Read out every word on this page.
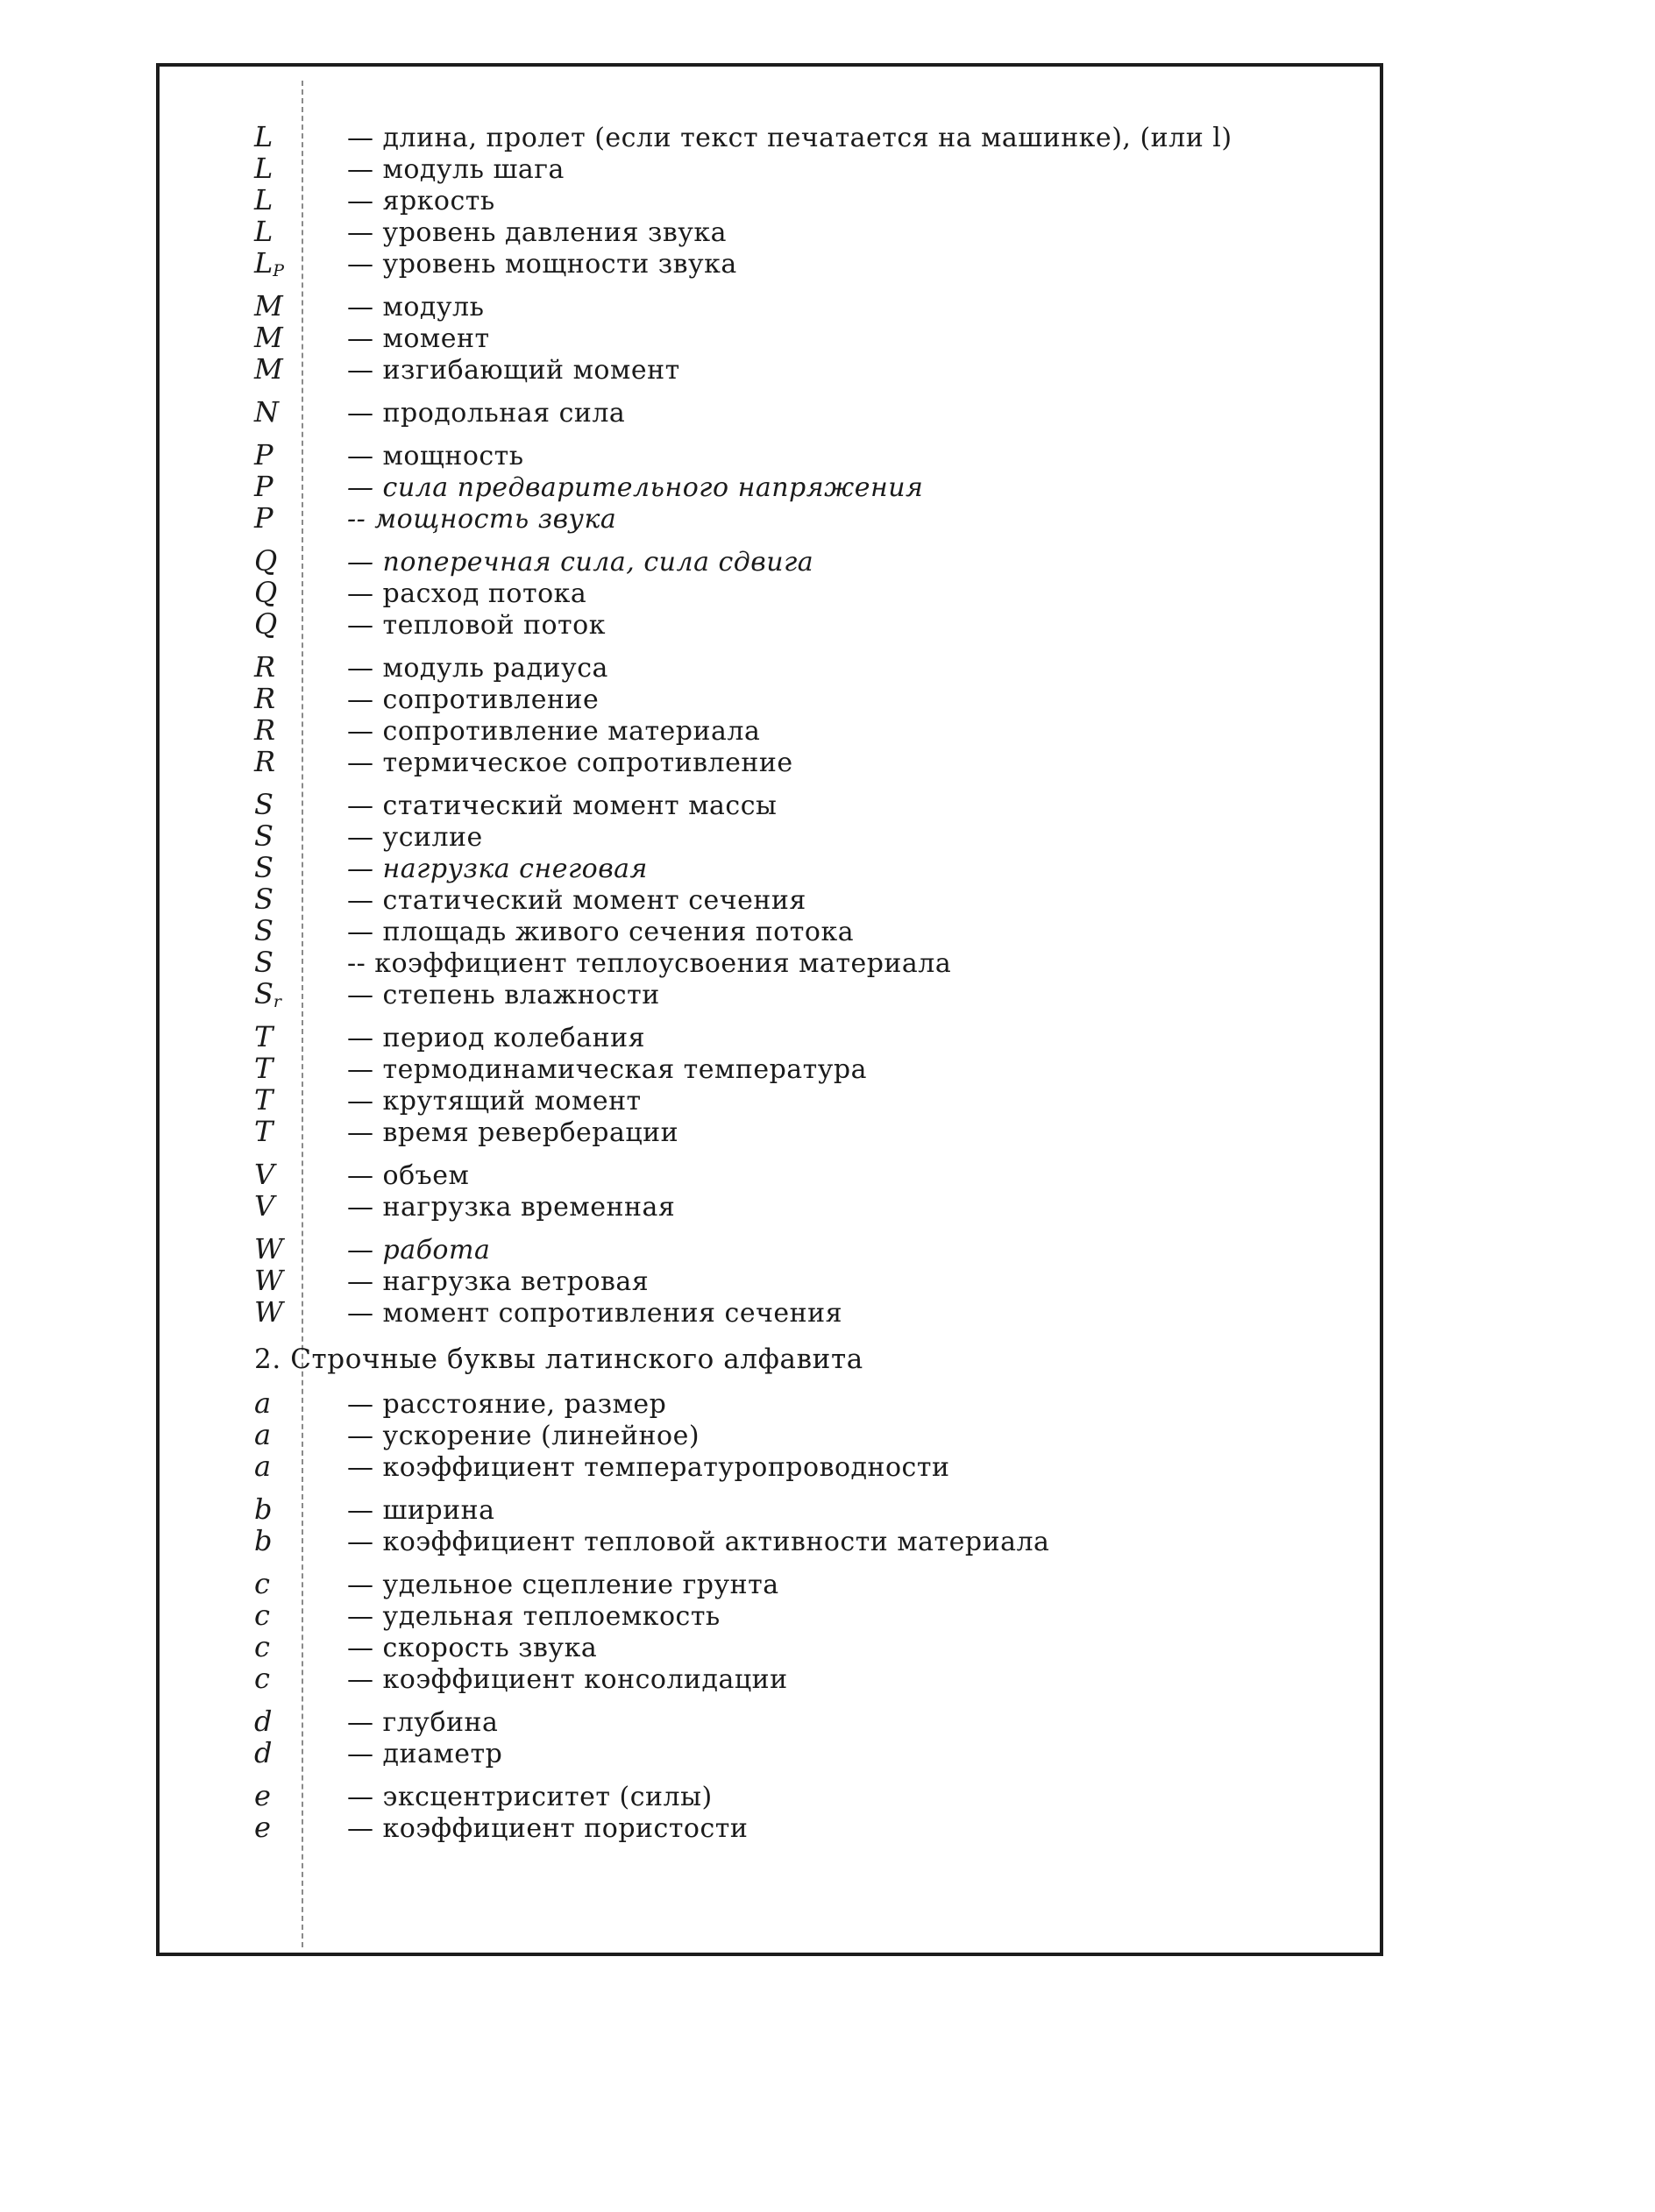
L	— длина, пролет (если текст печатается на машинке), (или l)
L	— модуль шага
L	— яркость
L	— уровень давления звука
$L_P$	— уровень мощности звука
M	— модуль
M	— момент
M	— изгибающий момент
N	— продольная сила
P	— мощность
P	— сила предварительного напряжения
P	-- мощность звука
Q	— поперечная сила, сила сдвига
Q	— расход потока
Q	— тепловой поток
R	— модуль радиуса
R	— сопротивление
R	— сопротивление материала
R	— термическое сопротивление
S	— статический момент массы
S	— усилие
S	— нагрузка снеговая
S	— статический момент сечения
S	— площадь живого сечения потока
S	-- коэффициент теплоусвоения материала
$S_r$	— степень влажности
T	— период колебания
T	— термодинамическая температура
T	— крутящий момент
T	— время реверберации
V	— объем
V	— нагрузка временная
W	— работа
W	— нагрузка ветровая
W	— момент сопротивления сечения
2. Строчные буквы латинского алфавита
a	— расстояние, размер
a	— ускорение (линейное)
a	— коэффициент температуропроводности
b	— ширина
b	— коэффициент тепловой активности материала
c	— удельное сцепление грунта
c	— удельная теплоемкость
c	— скорость звука
c	— коэффициент консолидации
d	— глубина
d	— диаметр
e	— эксцентриситет (силы)
e	— коэффициент пористости
